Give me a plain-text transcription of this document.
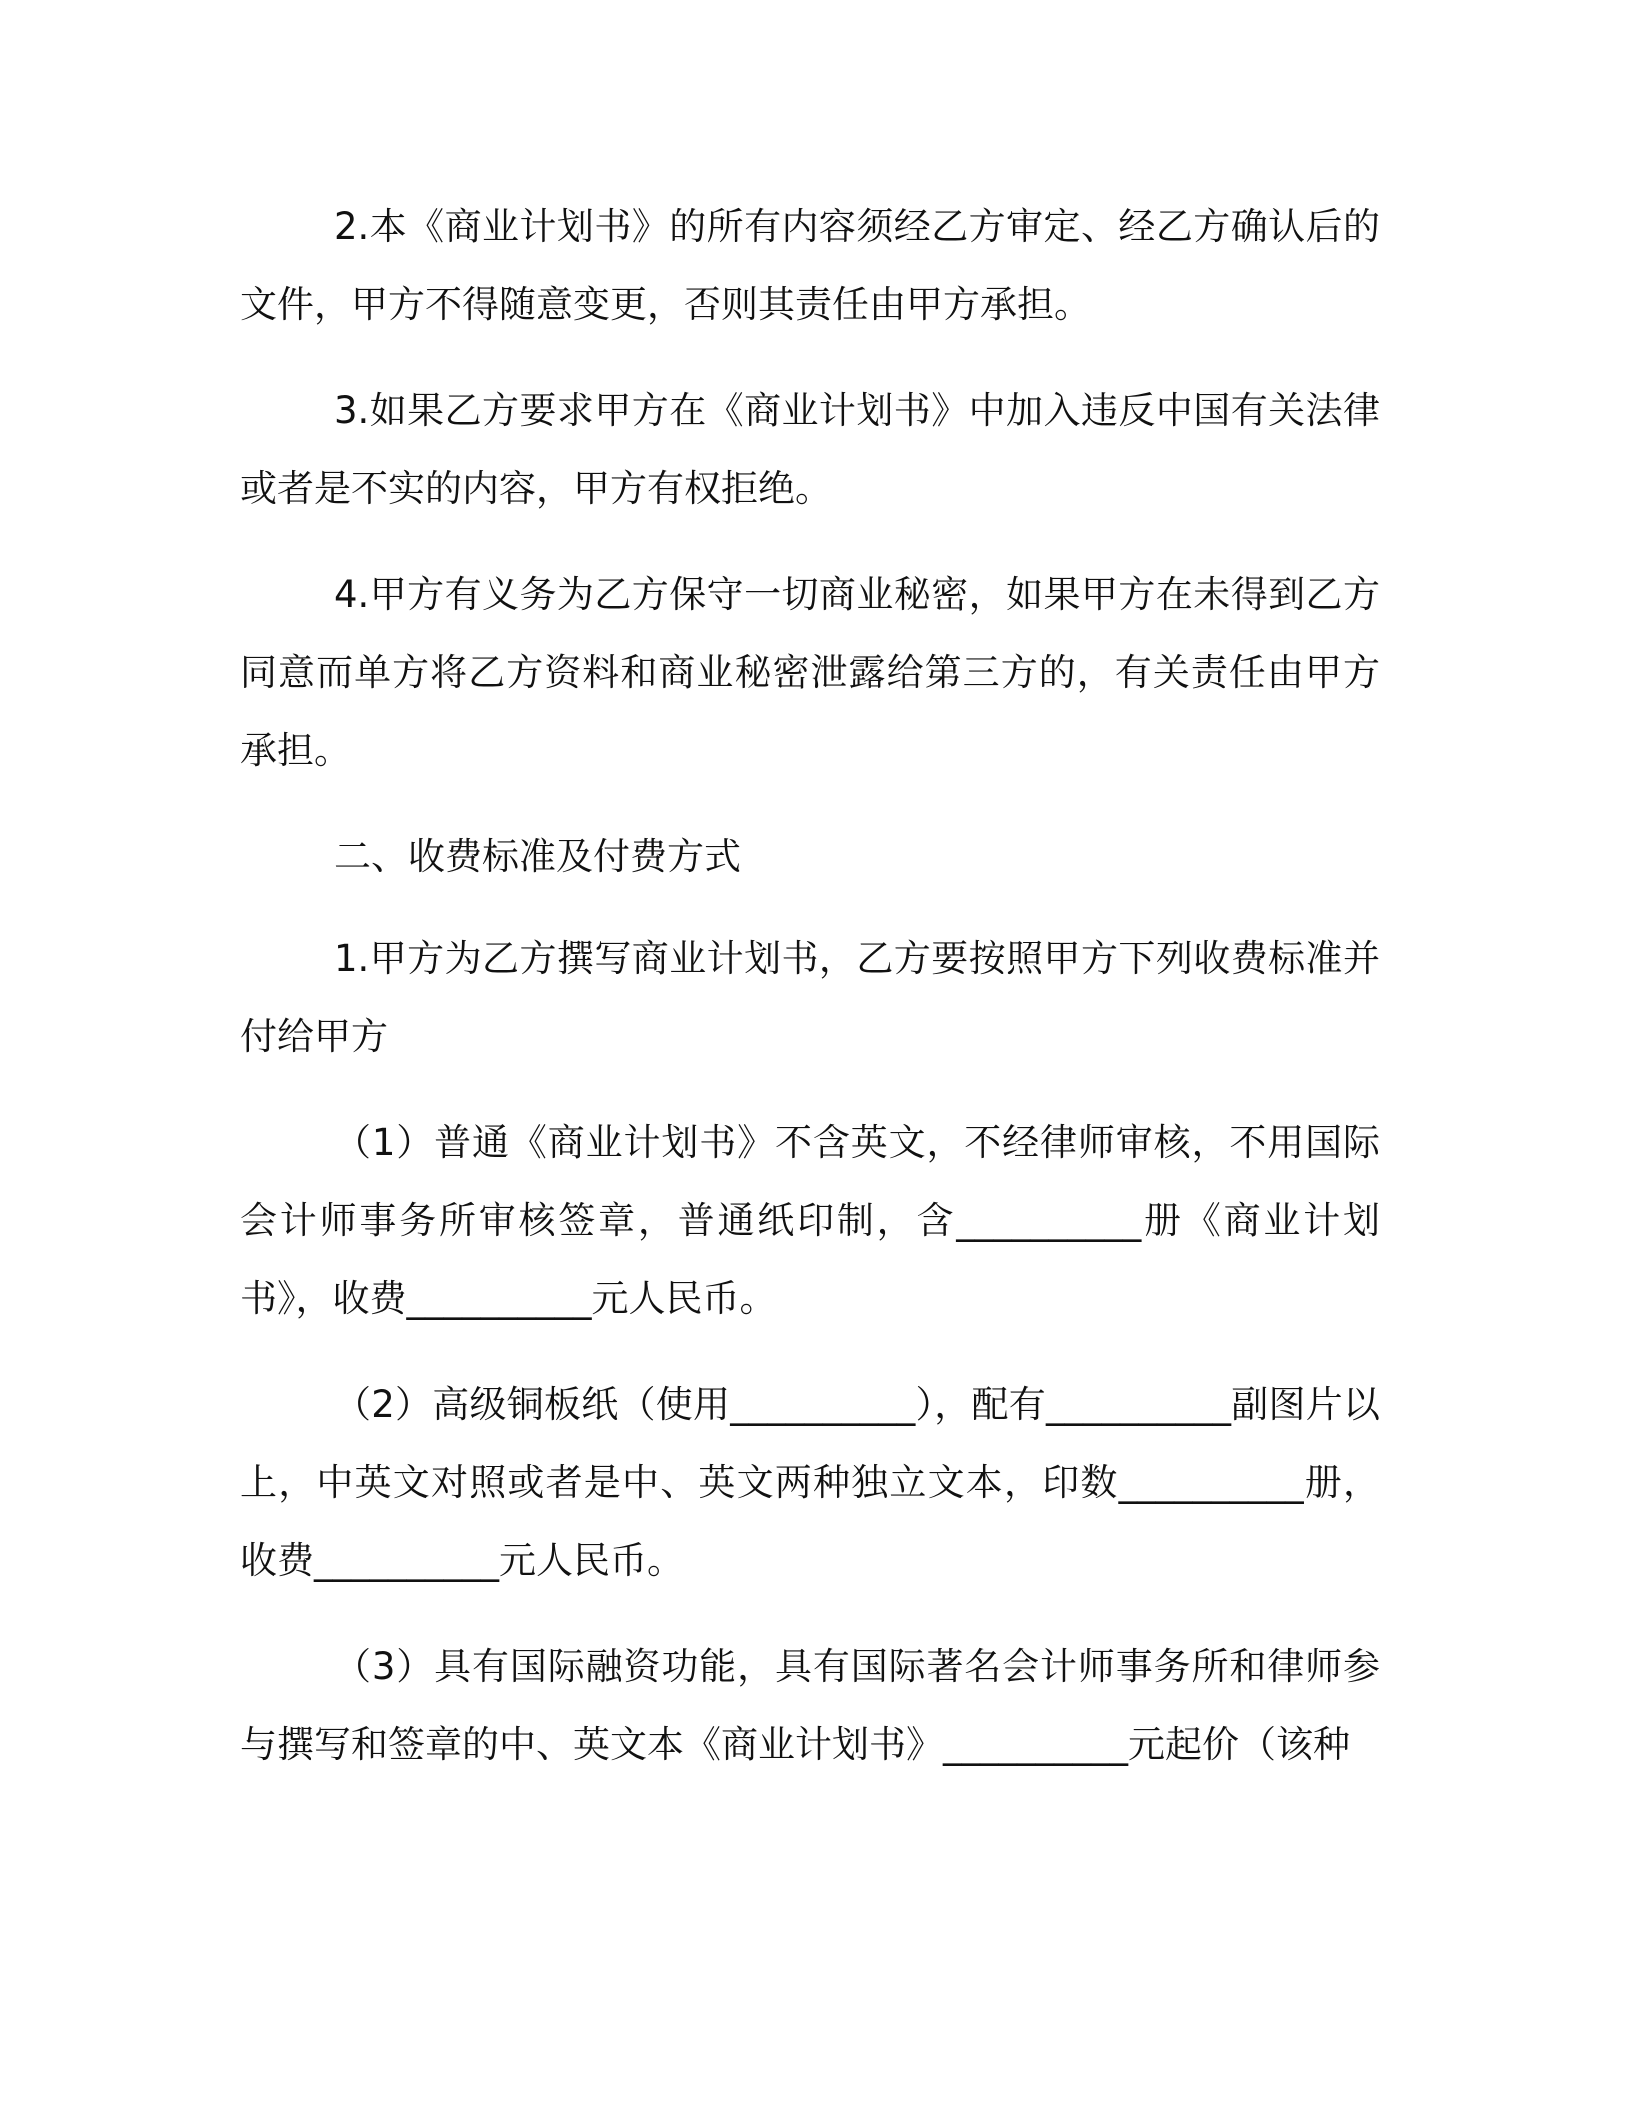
2.本《商业计划书》的所有内容须经乙方审定、经乙方确认后的文件，甲方不得随意变更，否则其责任由甲方承担。

3.如果乙方要求甲方在《商业计划书》中加入违反中国有关法律或者是不实的内容，甲方有权拒绝。

4.甲方有义务为乙方保守一切商业秘密，如果甲方在未得到乙方同意而单方将乙方资料和商业秘密泄露给第三方的，有关责任由甲方承担。

二、收费标准及付费方式

1.甲方为乙方撰写商业计划书，乙方要按照甲方下列收费标准并付给甲方

（1）普通《商业计划书》不含英文，不经律师审核，不用国际会计师事务所审核签章，普通纸印制，含__________册《商业计划书》，收费__________元人民币。

（2）高级铜板纸（使用__________），配有__________副图片以上，中英文对照或者是中、英文两种独立文本，印数__________册，收费__________元人民币。

（3）具有国际融资功能，具有国际著名会计师事务所和律师参与撰写和签章的中、英文本《商业计划书》__________元起价（该种
